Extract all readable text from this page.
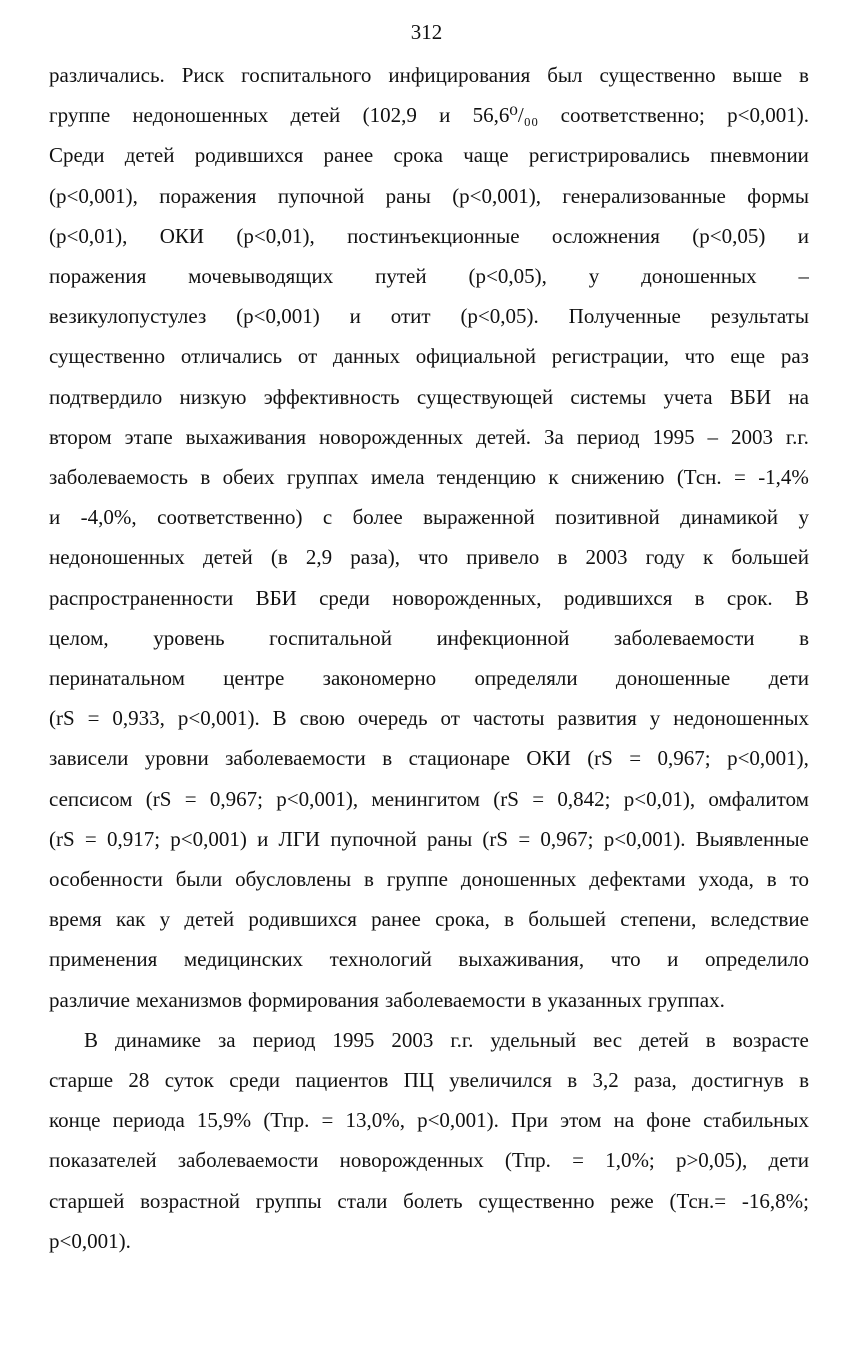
312
различались. Риск госпитального инфицирования был существенно выше в
группе недоношенных детей (102,9 и 56,6⁰/₀₀ соответственно; p<0,001).
Среди детей родившихся ранее срока чаще регистрировались пневмонии
(p<0,001), поражения пупочной раны (p<0,001), генерализованные формы
(p<0,01), ОКИ (p<0,01), постинъекционные осложнения (p<0,05) и
поражения мочевыводящих путей (p<0,05), у доношенных –
везикулопустулез (p<0,001) и отит (p<0,05). Полученные результаты
существенно отличались от данных официальной регистрации, что еще раз
подтвердило низкую эффективность существующей системы учета ВБИ на
втором этапе выхаживания новорожденных детей. За период 1995 – 2003 г.г.
заболеваемость в обеих группах имела тенденцию к снижению (Тсн. = -1,4%
и -4,0%, соответственно) с более выраженной позитивной динамикой у
недоношенных детей (в 2,9 раза), что привело в 2003 году к большей
распространенности ВБИ среди новорожденных, родившихся в срок. В
целом, уровень госпитальной инфекционной заболеваемости в
перинатальном центре закономерно определяли доношенные дети
(rS = 0,933, p<0,001). В свою очередь от частоты развития у недоношенных
зависели уровни заболеваемости в стационаре ОКИ (rS = 0,967; p<0,001),
сепсисом (rS = 0,967; p<0,001), менингитом (rS = 0,842; p<0,01), омфалитом
(rS = 0,917; p<0,001) и ЛГИ пупочной раны (rS = 0,967; p<0,001). Выявленные
особенности были обусловлены в группе доношенных дефектами ухода, в то
время как у детей родившихся ранее срока, в большей степени, вследствие
применения медицинских технологий выхаживания, что и определило
различие механизмов формирования заболеваемости в указанных группах.
В динамике за период 1995 2003 г.г. удельный вес детей в возрасте
старше 28 суток среди пациентов ПЦ увеличился в 3,2 раза, достигнув в
конце периода 15,9% (Тпр. = 13,0%, p<0,001). При этом на фоне стабильных
показателей заболеваемости новорожденных (Тпр. = 1,0%; p>0,05), дети
старшей возрастной группы стали болеть существенно реже (Тсн.= -16,8%;
p<0,001).
